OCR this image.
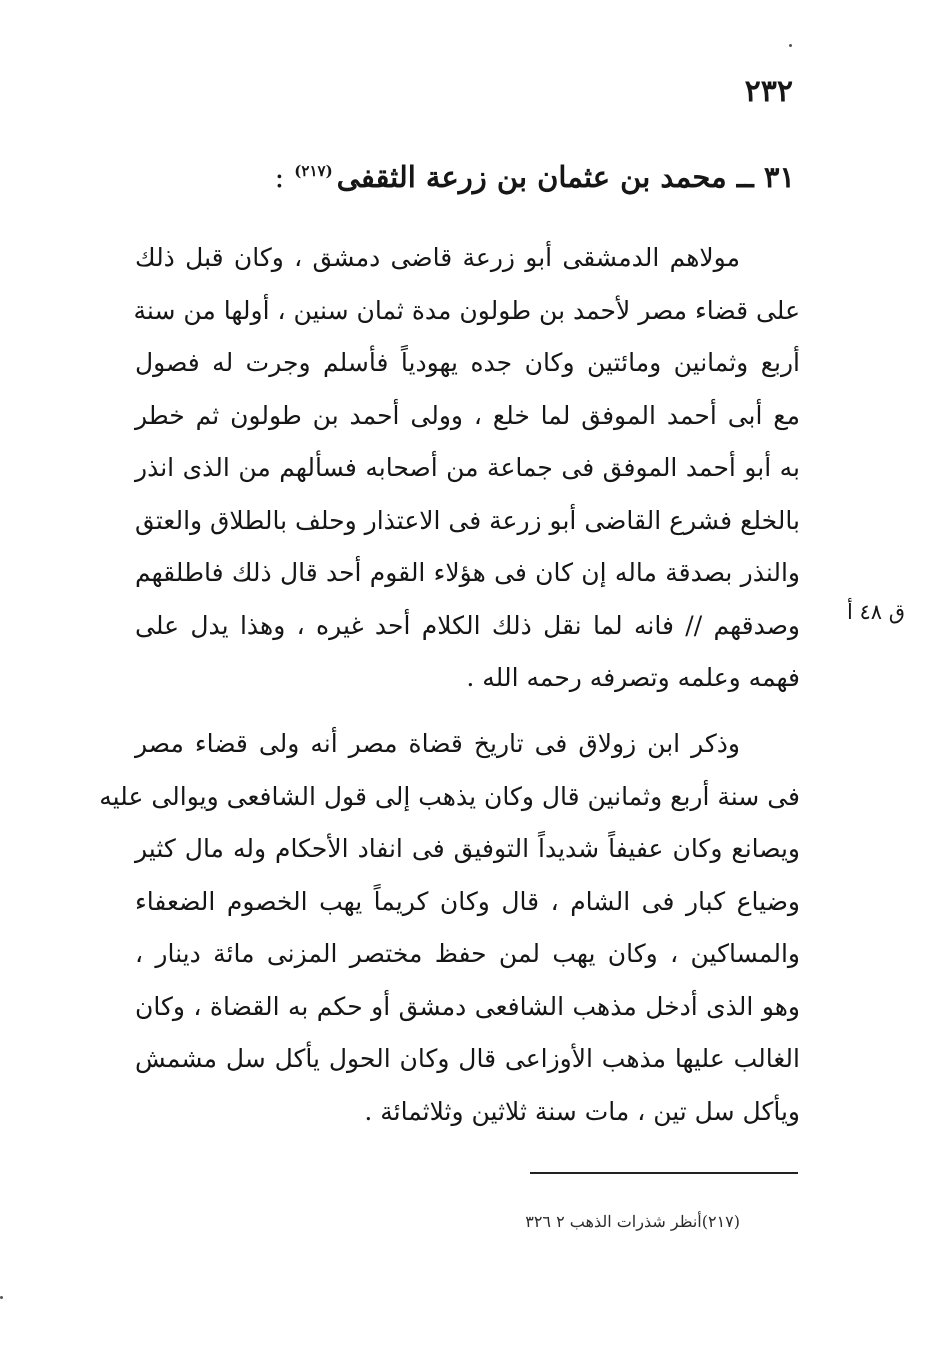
٢٣٢
٣١ ــ محمد بن عثمان بن زرعة الثقفى$^{(٢١٧)}$:
مولاهم الدمشقى أبو زرعة قاضى دمشق ، وكان قبل ذلك
على قضاء مصر لأحمد بن طولون مدة ثمان سنين ، أولها من سنة
أربع وثمانين ومائتين وكان جده يهودياً فأسلم وجرت له فصول
مع أبى أحمد الموفق لما خلع ، وولى أحمد بن طولون ثم خطر
به أبو أحمد الموفق فى جماعة من أصحابه فسألهم من الذى انذر
بالخلع فشرع القاضى أبو زرعة فى الاعتذار وحلف بالطلاق والعتق
والنذر بصدقة ماله إن كان فى هؤلاء القوم أحد قال ذلك فاطلقهم
وصدقهم // فانه لما نقل ذلك الكلام أحد غيره ، وهذا يدل على
فهمه وعلمه وتصرفه رحمه الله .
ق ٤٨ أ
وذكر ابن زولاق فى تاريخ قضاة مصر أنه ولى قضاء مصر
فى سنة أربع وثمانين قال وكان يذهب إلى قول الشافعى ويوالى عليه
ويصانع وكان عفيفاً شديداً التوفيق فى انفاد الأحكام وله مال كثير
وضياع كبار فى الشام ، قال وكان كريماً يهب الخصوم الضعفاء
والمساكين ، وكان يهب لمن حفظ مختصر المزنى مائة دينار ،
وهو الذى أدخل مذهب الشافعى دمشق أو حكم به القضاة ، وكان
الغالب عليها مذهب الأوزاعى قال وكان الحول يأكل سل مشمش
ويأكل سل تين ، مات سنة ثلاثين وثلاثمائة .
(٢١٧)أنظر شذرات الذهب ٢ ٣٢٦
